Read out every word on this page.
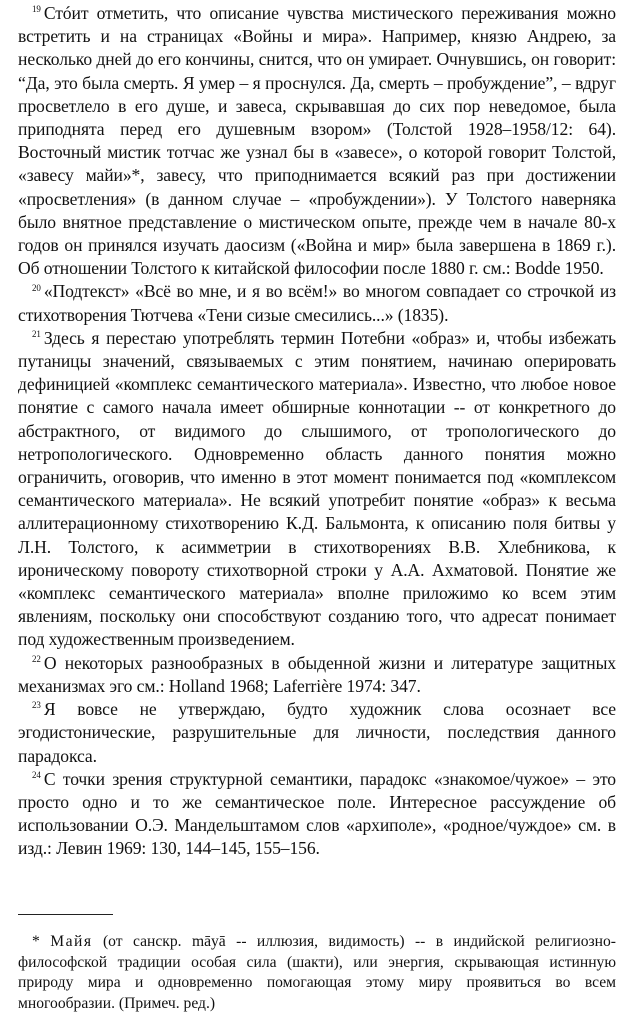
$^{19}$ Стóит отметить, что описание чувства мистического переживания можно встретить и на страницах «Войны и мира». Например, князю Андрею, за несколько дней до его кончины, снится, что он умирает. Очнувшись, он говорит: “Да, это была смерть. Я умер – я проснулся. Да, смерть – пробуждение”, – вдруг просветлело в его душе, и завеса, скрывавшая до сих пор неведомое, была приподнята перед его душевным взором» (Толстой 1928–1958/12: 64). Восточный мистик тотчас же узнал бы в «завесе», о которой говорит Толстой, «завесу майи»*, завесу, что приподнимается всякий раз при достижении «просветления» (в данном случае – «пробуждении»). У Толстого наверняка было внятное представление о мистическом опыте, прежде чем в начале 80-х годов он принялся изучать даосизм («Война и мир» была завершена в 1869 г.). Об отношении Толстого к китайской философии после 1880 г. см.: Bodde 1950.

$^{20}$ «Подтекст» «Всё во мне, и я во всём!» во многом совпадает со строчкой из стихотворения Тютчева «Тени сизые смесились...» (1835).

$^{21}$ Здесь я перестаю употреблять термин Потебни «образ» и, чтобы избежать путаницы значений, связываемых с этим понятием, начинаю оперировать дефиницией «комплекс семантического материала». Известно, что любое новое понятие с самого начала имеет обширные коннотации -- от конкретного до абстрактного, от видимого до слышимого, от тропологического до нетропологического. Одновременно область данного понятия можно ограничить, оговорив, что именно в этот момент понимается под «комплексом семантического материала». Не всякий употребит понятие «образ» к весьма аллитерационному стихотворению К.Д. Бальмонта, к описанию поля битвы у Л.Н. Толстого, к асимметрии в стихотворениях В.В. Хлебникова, к ироническому повороту стихотворной строки у А.А. Ахматовой. Понятие же «комплекс семантического материала» вполне приложимо ко всем этим явлениям, поскольку они способствуют созданию того, что адресат понимает под художественным произведением.

$^{22}$ О некоторых разнообразных в обыденной жизни и литературе защитных механизмах эго см.: Holland 1968; Laferrière 1974: 347.

$^{23}$ Я вовсе не утверждаю, будто художник слова осознает все эгодистонические, разрушительные для личности, последствия данного парадокса.

$^{24}$ С точки зрения структурной семантики, парадокс «знакомое/чужое» – это просто одно и то же семантическое поле. Интересное рассуждение об использовании О.Э. Мандельштамом слов «архиполе», «родное/чуждое» см. в изд.: Левин 1969: 130, 144–145, 155–156.

* Майя (от санскр. māyā -- иллюзия, видимость) -- в индийской религиозно-философской традиции особая сила (шакти), или энергия, скрывающая истинную природу мира и одновременно помогающая этому миру проявиться во всем многообразии. (Примеч. ред.)
